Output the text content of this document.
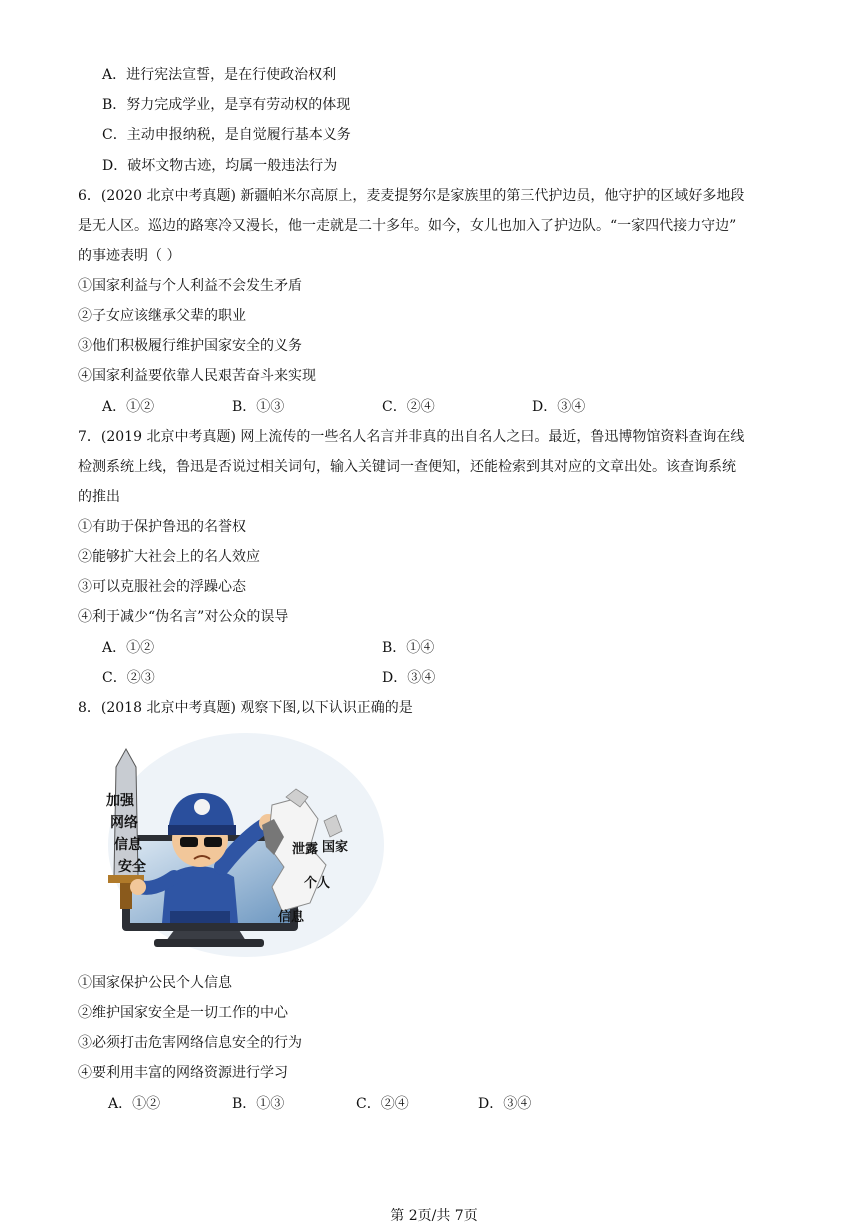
A．进行宪法宣誓，是在行使政治权利
B．努力完成学业，是享有劳动权的体现
C．主动申报纳税，是自觉履行基本义务
D．破坏文物古迹，均属一般违法行为
6．(2020 北京中考真题) 新疆帕米尔高原上，麦麦提努尔是家族里的第三代护边员，他守护的区域好多地段
是无人区。巡边的路寒冷又漫长，他一走就是二十多年。如今，女儿也加入了护边队。“一家四代接力守边”
的事迹表明（ ）
①国家利益与个人利益不会发生矛盾
②子女应该继承父辈的职业
③他们积极履行维护国家安全的义务
④国家利益要依靠人民艰苦奋斗来实现
A．①②	B．①③	C．②④	D．③④
7．(2019 北京中考真题) 网上流传的一些名人名言并非真的出自名人之曰。最近，鲁迅博物馆资料查询在线
检测系统上线，鲁迅是否说过相关词句，输入关键词一查便知，还能检索到其对应的文章出处。该查询系统
的推出
①有助于保护鲁迅的名誉权
②能够扩大社会上的名人效应
③可以克服社会的浮躁心态
④利于减少“伪名言”对公众的误导
A．①②	B．①④
C．②③	D．③④
8．(2018 北京中考真题) 观察下图,以下认识正确的是
加强
网络
信息
安全
泄露 国家
个人
信息
①国家保护公民个人信息
②维护国家安全是一切工作的中心
③必须打击危害网络信息安全的行为
④要利用丰富的网络资源进行学习
A．①②	B．①③	C．②④	D．③④
第 2页/共 7页
